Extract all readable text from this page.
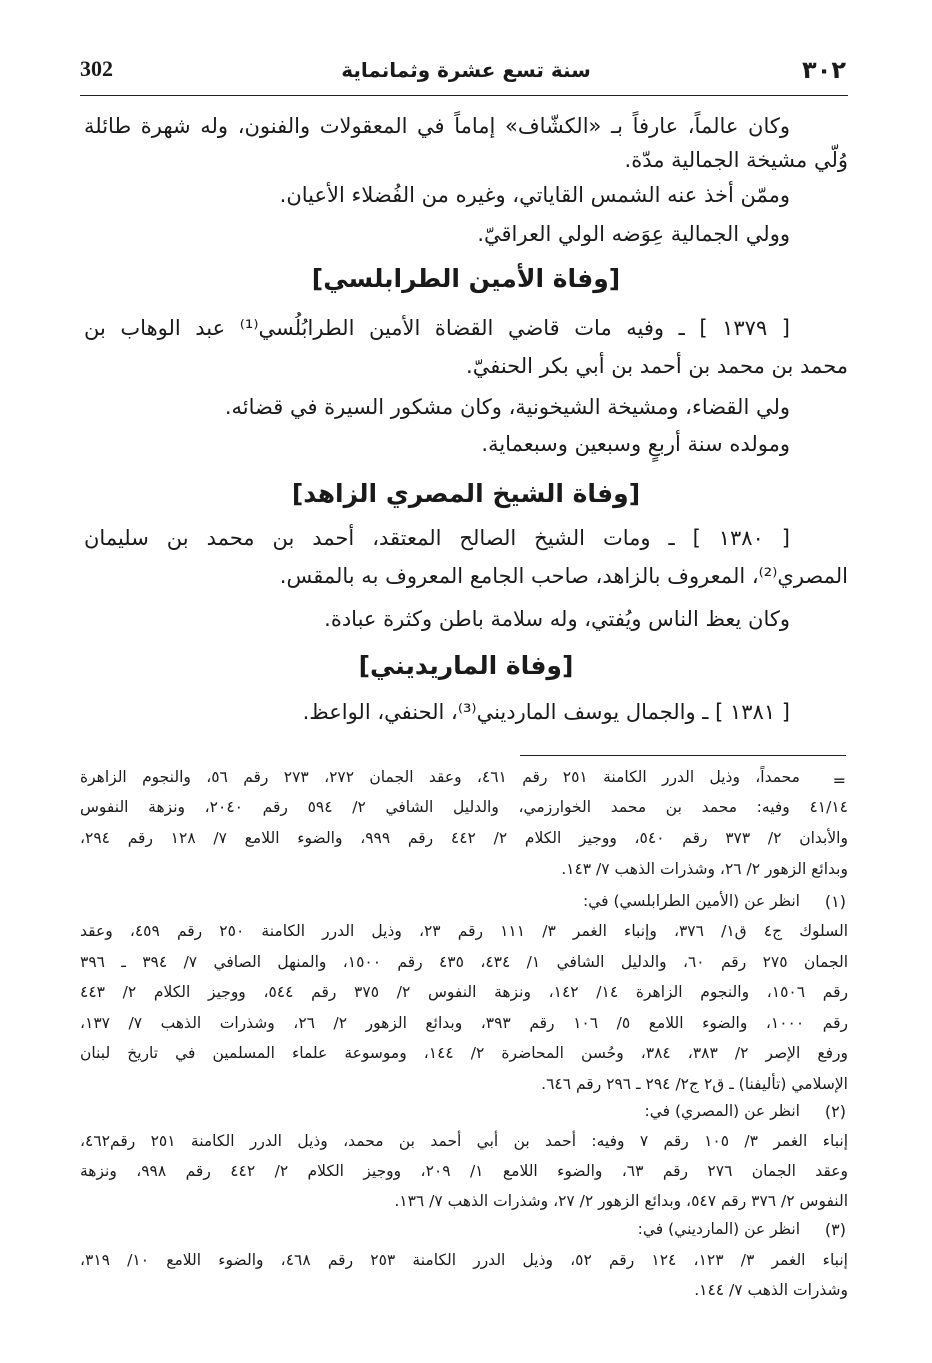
302	سنة تسع عشرة وثمانماية	٣٠٢
وكان عالماً، عارفاً بـ «الكشّاف» إماماً في المعقولات والفنون، وله شهرة طائلة
وُلّي مشيخة الجمالية مدّة.
وممّن أخذ عنه الشمس القاياتي، وغيره من الفُضلاء الأعيان.
وولي الجمالية عِوَضه الولي العراقيّ.
[وفاة الأمين الطرابلسي]
[ ١٣٧٩ ] ـ وفيه مات قاضي القضاة الأمين الطرابُلُسي⁽¹⁾ عبد الوهاب بن
محمد بن محمد بن أحمد بن أبي بكر الحنفيّ.
ولي القضاء، ومشيخة الشيخونية، وكان مشكور السيرة في قضائه.
ومولده سنة أربعٍ وسبعين وسبعماية.
[وفاة الشيخ المصري الزاهد]
[ ١٣٨٠ ] ـ ومات الشيخ الصالح المعتقد، أحمد بن محمد بن سليمان
المصري⁽²⁾، المعروف بالزاهد، صاحب الجامع المعروف به بالمقس.
وكان يعظ الناس ويُفتي، وله سلامة باطن وكثرة عبادة.
[وفاة الماريديني]
[ ١٣٨١ ] ـ والجمال يوسف المارديني⁽³⁾، الحنفي، الواعظ.
=
محمداً، وذيل الدرر الكامنة ٢٥١ رقم ٤٦١، وعقد الجمان ٢٧٢، ٢٧٣ رقم ٥٦، والنجوم الزاهرة
٤١/١٤ وفيه: محمد بن محمد الخوارزمي، والدليل الشافي ٢/ ٥٩٤ رقم ٢٠٤٠، ونزهة النفوس
والأبدان ٢/ ٣٧٣ رقم ٥٤٠، ووجيز الكلام ٢/ ٤٤٢ رقم ٩٩٩، والضوء اللامع ٧/ ١٢٨ رقم ٢٩٤،
وبدائع الزهور ٢/ ٢٦، وشذرات الذهب ٧/ ١٤٣.
(١)
انظر عن (الأمين الطرابلسي) في:
السلوك ج٤ ق١/ ٣٧٦، وإنباء الغمر ٣/ ١١١ رقم ٢٣، وذيل الدرر الكامنة ٢٥٠ رقم ٤٥٩، وعقد
الجمان ٢٧٥ رقم ٦٠، والدليل الشافي ١/ ٤٣٤، ٤٣٥ رقم ١٥٠٠، والمنهل الصافي ٧/ ٣٩٤ ـ ٣٩٦
رقم ١٥٠٦، والنجوم الزاهرة ١٤/ ١٤٢، ونزهة النفوس ٢/ ٣٧٥ رقم ٥٤٤، ووجيز الكلام ٢/ ٤٤٣
رقم ١٠٠٠، والضوء اللامع ٥/ ١٠٦ رقم ٣٩٣، وبدائع الزهور ٢/ ٢٦، وشذرات الذهب ٧/ ١٣٧،
ورفع الإصر ٢/ ٣٨٣، ٣٨٤، وحُسن المحاضرة ٢/ ١٤٤، وموسوعة علماء المسلمين في تاريخ لبنان
الإسلامي (تأليفنا) ـ ق٢ ج٢/ ٢٩٤ ـ ٢٩٦ رقم ٦٤٦.
(٢)
انظر عن (المصري) في:
إنباء الغمر ٣/ ١٠٥ رقم ٧ وفيه: أحمد بن أبي أحمد بن محمد، وذيل الدرر الكامنة ٢٥١ رقم٤٦٢،
وعقد الجمان ٢٧٦ رقم ٦٣، والضوء اللامع ١/ ٢٠٩، ووجيز الكلام ٢/ ٤٤٢ رقم ٩٩٨، ونزهة
النفوس ٢/ ٣٧٦ رقم ٥٤٧، وبدائع الزهور ٢/ ٢٧، وشذرات الذهب ٧/ ١٣٦.
(٣)
انظر عن (المارديني) في:
إنباء الغمر ٣/ ١٢٣، ١٢٤ رقم ٥٢، وذيل الدرر الكامنة ٢٥٣ رقم ٤٦٨، والضوء اللامع ١٠/ ٣١٩،
وشذرات الذهب ٧/ ١٤٤.
